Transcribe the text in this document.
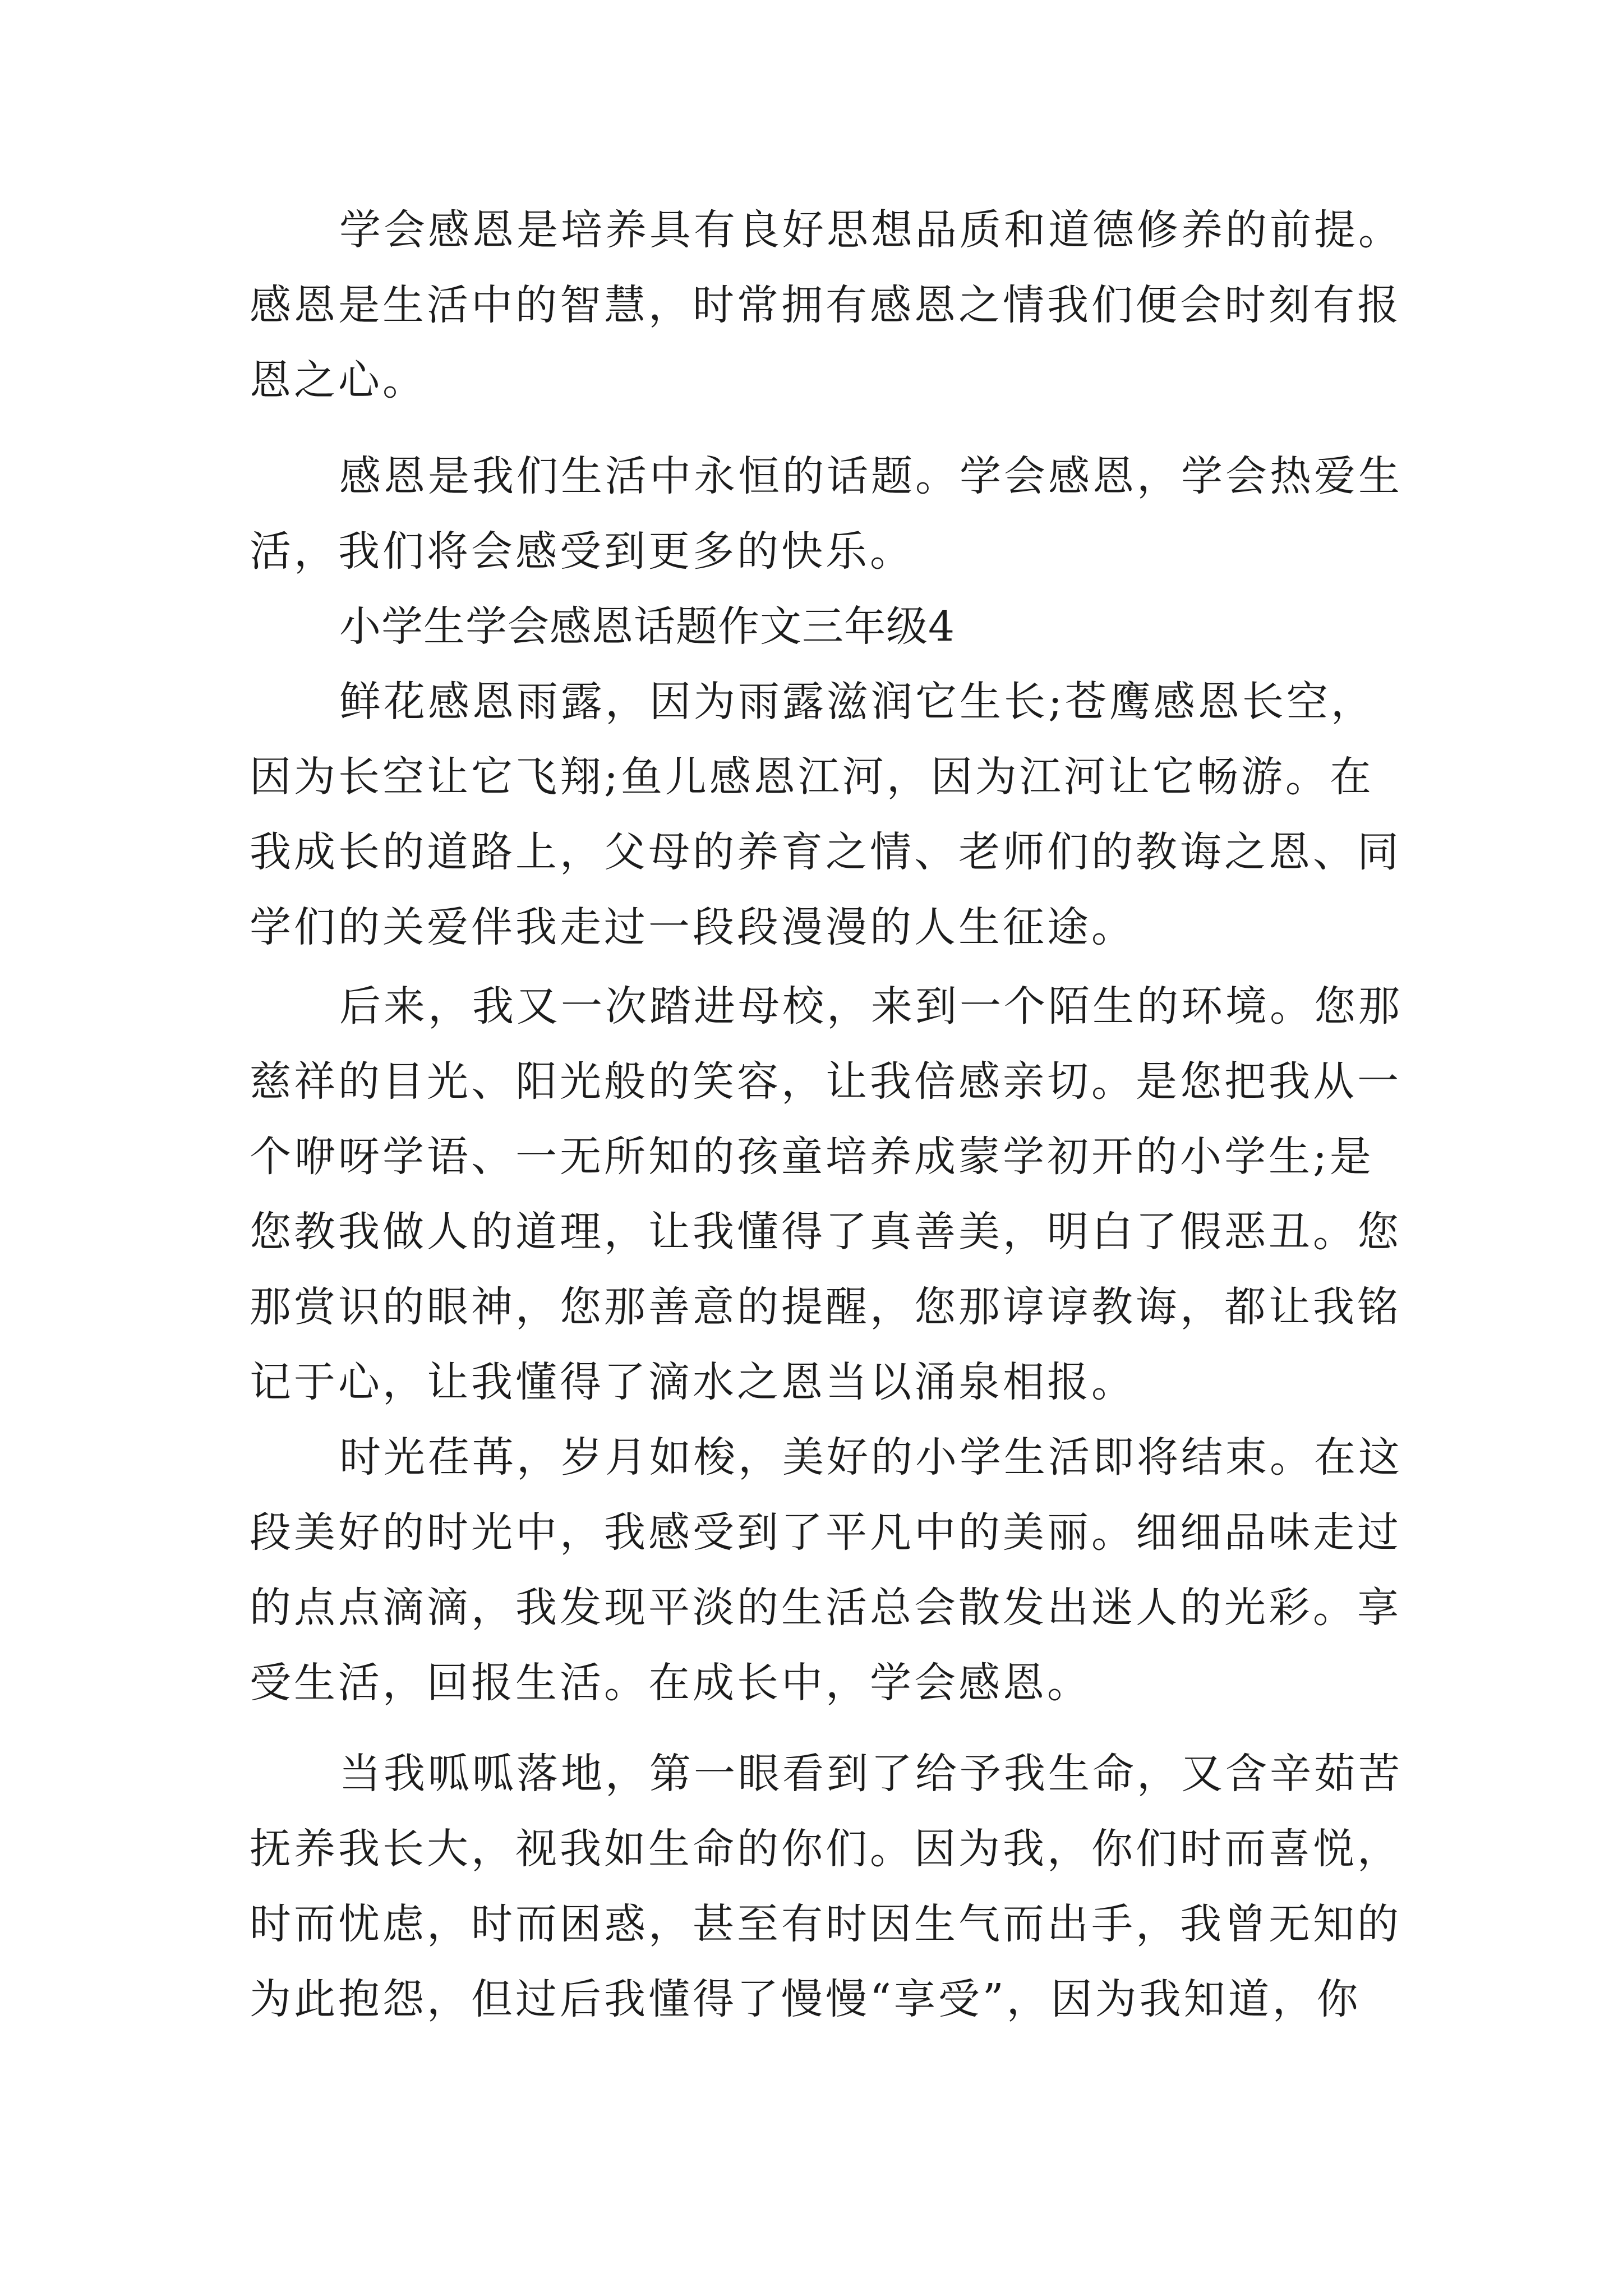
学会感恩是培养具有良好思想品质和道德修养的前提。

感恩是生活中的智慧，时常拥有感恩之情我们便会时刻有报

恩之心。

感恩是我们生活中永恒的话题。学会感恩，学会热爱生

活，我们将会感受到更多的快乐。

小学生学会感恩话题作文三年级4

鲜花感恩雨露，因为雨露滋润它生长;苍鹰感恩长空，

因为长空让它飞翔;鱼儿感恩江河，因为江河让它畅游。在

我成长的道路上，父母的养育之情、老师们的教诲之恩、同

学们的关爱伴我走过一段段漫漫的人生征途。

后来，我又一次踏进母校，来到一个陌生的环境。您那

慈祥的目光、阳光般的笑容，让我倍感亲切。是您把我从一

个咿呀学语、一无所知的孩童培养成蒙学初开的小学生;是

您教我做人的道理，让我懂得了真善美，明白了假恶丑。您

那赏识的眼神，您那善意的提醒，您那谆谆教诲，都让我铭

记于心，让我懂得了滴水之恩当以涌泉相报。

时光荏苒，岁月如梭，美好的小学生活即将结束。在这

段美好的时光中，我感受到了平凡中的美丽。细细品味走过

的点点滴滴，我发现平淡的生活总会散发出迷人的光彩。享

受生活，回报生活。在成长中，学会感恩。

当我呱呱落地，第一眼看到了给予我生命，又含辛茹苦

抚养我长大，视我如生命的你们。因为我，你们时而喜悦，

时而忧虑，时而困惑，甚至有时因生气而出手，我曾无知的

为此抱怨，但过后我懂得了慢慢“享受”，因为我知道，你
